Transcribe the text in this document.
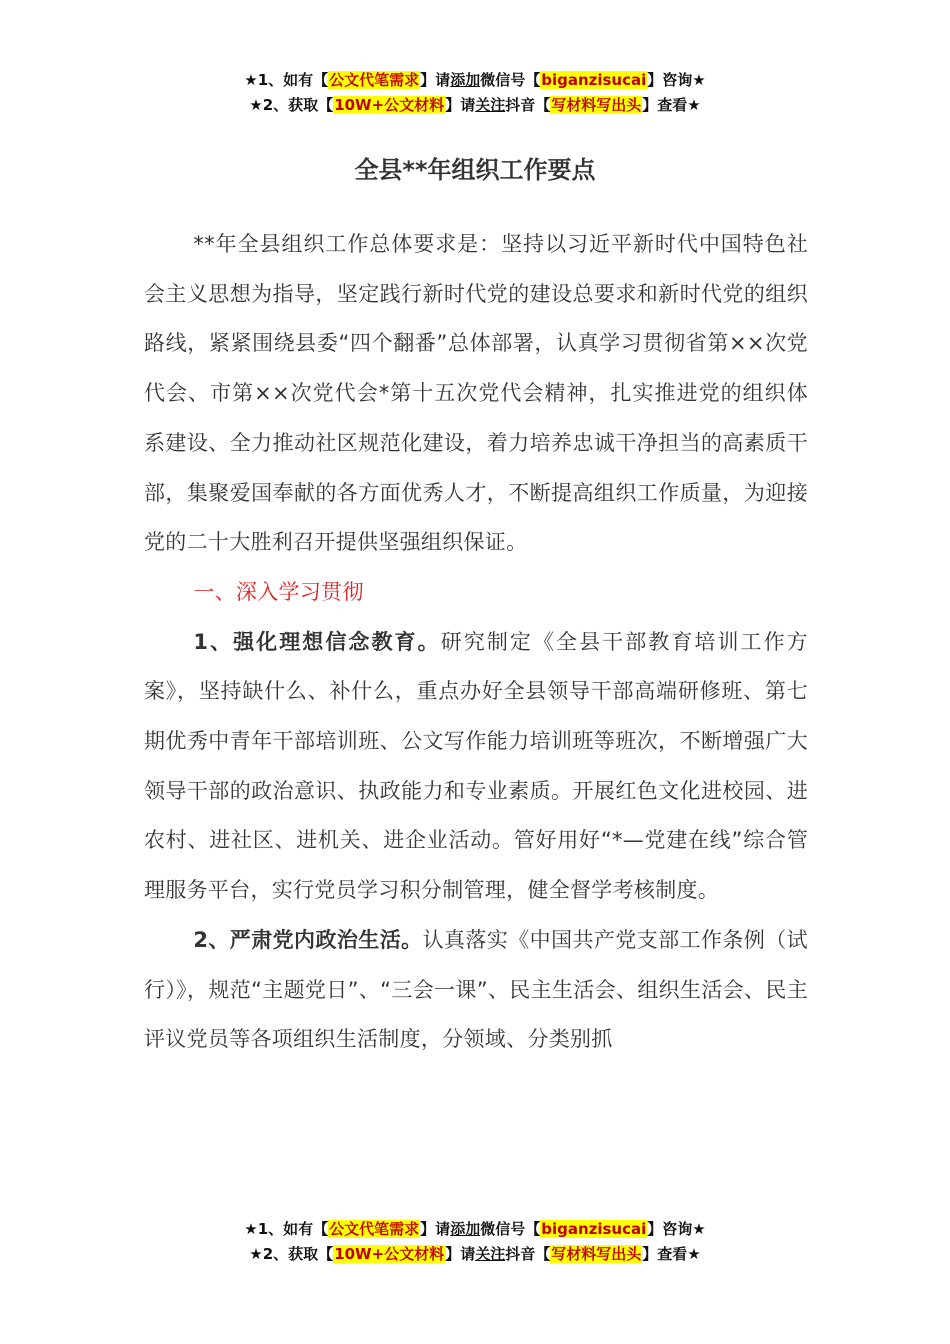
★1、如有【公文代笔需求】请添加微信号【biganzisucai】咨询★
★2、获取【10W+公文材料】请关注抖音【写材料写出头】查看★
全县**年组织工作要点

**年全县组织工作总体要求是：坚持以习近平新时代中国特色社会主义思想为指导，坚定践行新时代党的建设总要求和新时代党的组织路线，紧紧围绕县委“四个翻番”总体部署，认真学习贯彻省第××次党代会、市第××次党代会*第十五次党代会精神，扎实推进党的组织体系建设、全力推动社区规范化建设，着力培养忠诚干净担当的高素质干部，集聚爱国奉献的各方面优秀人才，不断提高组织工作质量，为迎接党的二十大胜利召开提供坚强组织保证。

一、深入学习贯彻

1、强化理想信念教育。研究制定《全县干部教育培训工作方案》，坚持缺什么、补什么，重点办好全县领导干部高端研修班、第七期优秀中青年干部培训班、公文写作能力培训班等班次，不断增强广大领导干部的政治意识、执政能力和专业素质。开展红色文化进校园、进农村、进社区、进机关、进企业活动。管好用好“*—党建在线”综合管理服务平台，实行党员学习积分制管理，健全督学考核制度。

2、严肃党内政治生活。认真落实《中国共产党支部工作条例（试行）》，规范“主题党日”、“三会一课”、民主生活会、组织生活会、民主评议党员等各项组织生活制度，分领域、分类别抓

★1、如有【公文代笔需求】请添加微信号【biganzisucai】咨询★
★2、获取【10W+公文材料】请关注抖音【写材料写出头】查看★
